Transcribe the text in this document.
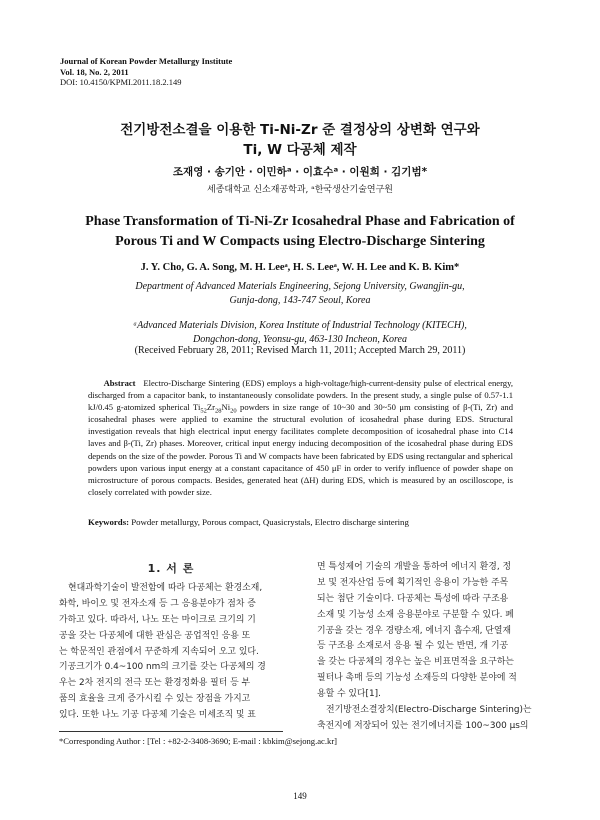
Journal of Korean Powder Metallurgy Institute
Vol. 18, No. 2, 2011
DOI: 10.4150/KPMI.2011.18.2.149
전기방전소결을 이용한 Ti-Ni-Zr 준 결정상의 상변화 연구와
Ti, W 다공체 제작
조재영 · 송기안 · 이민하ᵃ · 이효수ᵃ · 이원희 · 김기범*
세종대학교 신소재공학과, ᵃ한국생산기술연구원
Phase Transformation of Ti-Ni-Zr Icosahedral Phase and Fabrication of
Porous Ti and W Compacts using Electro-Discharge Sintering
J. Y. Cho, G. A. Song, M. H. Leeᵃ, H. S. Leeᵃ, W. H. Lee and K. B. Kim*
Department of Advanced Materials Engineering, Sejong University, Gwangjin-gu,
Gunja-dong, 143-747 Seoul, Korea
ᵃAdvanced Materials Division, Korea Institute of Industrial Technology (KITECH),
Dongchon-dong, Yeonsu-gu, 463-130 Incheon, Korea
(Received February 28, 2011; Revised March 11, 2011; Accepted March 29, 2011)
Abstract Electro-Discharge Sintering (EDS) employs a high-voltage/high-current-density pulse of electrical energy, discharged from a capacitor bank, to instantaneously consolidate powders. In the present study, a single pulse of 0.57-1.1 kJ/0.45 g-atomized spherical $Ti_{52}Zr_{28}Ni_{20}$ powders in size range of 10~30 and 30~50 μm consisting of β-(Ti, Zr) and icosahedral phases were applied to examine the structural evolution of icosahedral phase during EDS. Structural investigation reveals that high electrical input energy facilitates complete decomposition of icosahedral phase into C14 laves and β-(Ti, Zr) phases. Moreover, critical input energy inducing decomposition of the icosahedral phase during EDS depends on the size of the powder. Porous Ti and W compacts have been fabricated by EDS using rectangular and spherical powders upon various input energy at a constant capacitance of 450 μF in order to verify influence of powder shape on microstructure of porous compacts. Besides, generated heat (ΔH) during EDS, which is measured by an oscilloscope, is closely correlated with powder size.
Keywords: Powder metallurgy, Porous compact, Quasicrystals, Electro discharge sintering
1. 서 론
현대과학기술이 발전함에 따라 다공체는 환경소재,
화학, 바이오 및 전자소재 등 그 응용분야가 점차 증
가하고 있다. 따라서, 나노 또는 마이크로 크기의 기
공을 갖는 다공체에 대한 관심은 공업적인 응용 또
는 학문적인 관점에서 꾸준하게 지속되어 오고 있다.
기공크기가 0.4~100 nm의 크기를 갖는 다공체의 경
우는 2차 전지의 전극 또는 환경정화용 필터 등 부
품의 효율을 크게 증가시킬 수 있는 장점을 가지고
있다. 또한 나노 기공 다공체 기술은 미세조직 및 표
면 특성제어 기술의 개발을 통하여 에너지 환경, 정
보 및 전자산업 등에 획기적인 응용이 가능한 주목
되는 첨단 기술이다. 다공체는 특성에 따라 구조용
소재 및 기능성 소재 응용분야로 구분할 수 있다. 폐
기공을 갖는 경우 경량소재, 에너지 흡수재, 단열재
등 구조용 소재로서 응용 될 수 있는 반면, 개 기공
을 갖는 다공체의 경우는 높은 비표면적을 요구하는
필터나 촉매 등의 기능성 소재등의 다양한 분야에 적
용할 수 있다[1].
전기방전소결장치(Electro-Discharge Sintering)는
축전지에 저장되어 있는 전기에너지를 100~300 μs의
*Corresponding Author : [Tel : +82-2-3408-3690; E-mail : kbkim@sejong.ac.kr]
149
